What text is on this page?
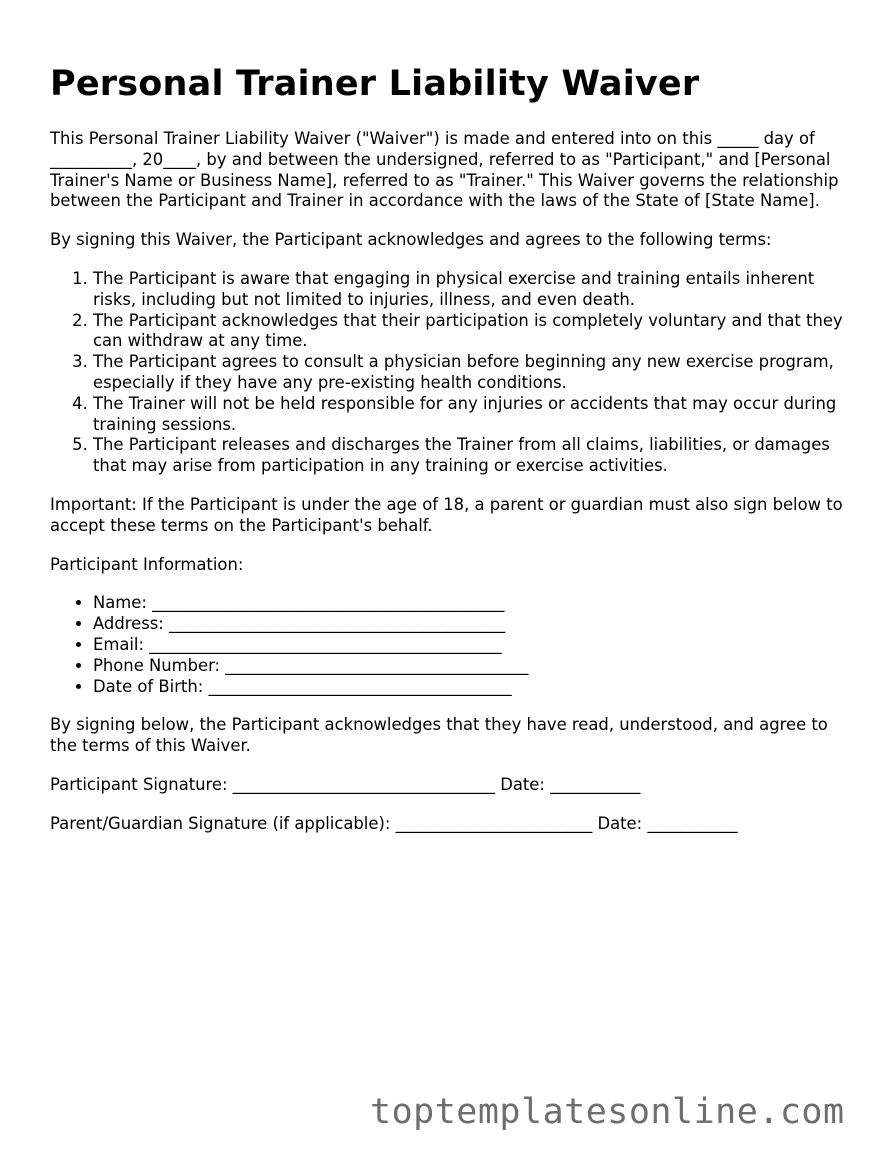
Personal Trainer Liability Waiver

This Personal Trainer Liability Waiver ("Waiver") is made and entered into on this _____ day of __________, 20____, by and between the undersigned, referred to as "Participant," and [Personal Trainer's Name or Business Name], referred to as "Trainer." This Waiver governs the relationship between the Participant and Trainer in accordance with the laws of the State of [State Name].

By signing this Waiver, the Participant acknowledges and agrees to the following terms:

1. The Participant is aware that engaging in physical exercise and training entails inherent risks, including but not limited to injuries, illness, and even death.
2. The Participant acknowledges that their participation is completely voluntary and that they can withdraw at any time.
3. The Participant agrees to consult a physician before beginning any new exercise program, especially if they have any pre-existing health conditions.
4. The Trainer will not be held responsible for any injuries or accidents that may occur during training sessions.
5. The Participant releases and discharges the Trainer from all claims, liabilities, or damages that may arise from participation in any training or exercise activities.

Important: If the Participant is under the age of 18, a parent or guardian must also sign below to accept these terms on the Participant's behalf.

Participant Information:

• Name: ___________________________________________
• Address: _________________________________________
• Email: ___________________________________________
• Phone Number: _____________________________________
• Date of Birth: _____________________________________

By signing below, the Participant acknowledges that they have read, understood, and agree to the terms of this Waiver.

Participant Signature: ________________________________ Date: ___________

Parent/Guardian Signature (if applicable): ________________________ Date: ___________

toptemplatesonline.com
